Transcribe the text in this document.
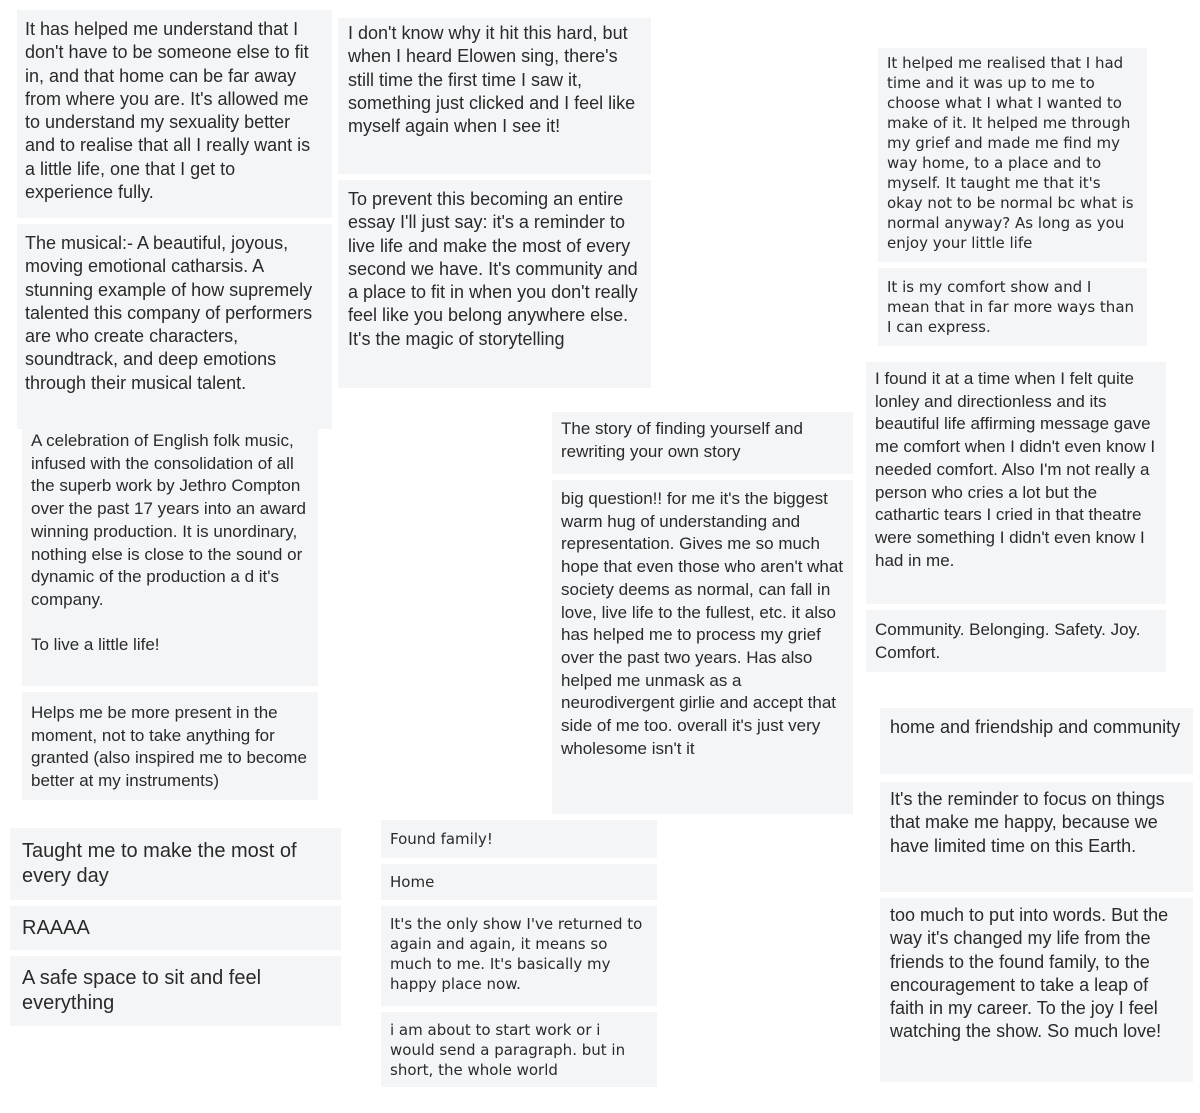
It has helped me understand that I don't have to be someone else to fit in, and that home can be far away from where you are. It's allowed me to understand my sexuality better and to realise that all I really want is a little life, one that I get to experience fully.
The musical:- A beautiful, joyous, moving emotional catharsis. A stunning example of how supremely talented this company of performers are who create characters, soundtrack, and deep emotions through their musical talent.
A celebration of English folk music, infused with the consolidation of all the superb work by Jethro Compton over the past 17 years into an award winning production. It is unordinary, nothing else is close to the sound or dynamic of the production a d it's company.

To live a little life!
Helps me be more present in the moment, not to take anything for granted (also inspired me to become better at my instruments)
Taught me to make the most of every day
RAAAA
A safe space to sit and feel everything
I don't know why it hit this hard, but when I heard Elowen sing, there's still time the first time I saw it, something just clicked and I feel like myself again when I see it!
To prevent this becoming an entire essay I'll just say: it's a reminder to live life and make the most of every second we have. It's community and a place to fit in when you don't really feel like you belong anywhere else. It's the magic of storytelling
The story of finding yourself and rewriting your own story
big question!! for me it's the biggest warm hug of understanding and representation. Gives me so much hope that even those who aren't what society deems as normal, can fall in love, live life to the fullest, etc. it also has helped me to process my grief over the past two years. Has also helped me unmask as a neurodivergent girlie and accept that side of me too. overall it's just very wholesome isn't it
Found family!
Home
It's the only show I've returned to again and again, it means so much to me. It's basically my happy place now.
i am about to start work or i would send a paragraph. but in short, the whole world
It helped me realised that I had time and it was up to me to choose what I what I wanted to make of it. It helped me through my grief and made me find my way home, to a place and to myself. It taught me that it's okay not to be normal bc what is normal anyway? As long as you enjoy your little life
It is my comfort show and I mean that in far more ways than I can express.
I found it at a time when I felt quite lonley and directionless and its beautiful life affirming message gave me comfort when I didn't even know I needed comfort. Also I'm not really a person who cries a lot but the cathartic tears I cried in that theatre were something I didn't even know I had in me.
Community. Belonging. Safety. Joy. Comfort.
home and friendship and community
It's the reminder to focus on things that make me happy, because we have limited time on this Earth.
too much to put into words. But the way it's changed my life from the friends to the found family, to the encouragement to take a leap of faith in my career. To the joy I feel watching the show. So much love!
